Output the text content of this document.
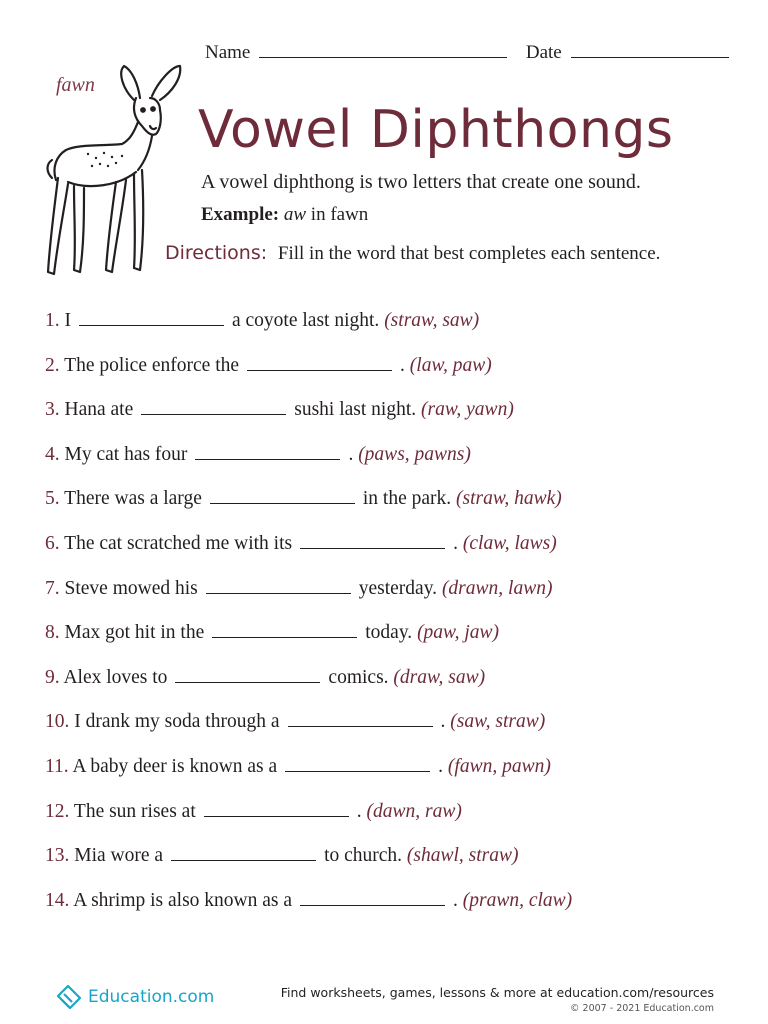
Name	Date
fawn
Vowel Diphthongs
A vowel diphthong is two letters that create one sound.
Example: aw in fawn
Directions: Fill in the word that best completes each sentence.
1. I	a coyote last night. (straw, saw)
2. The police enforce the	. (law, paw)
3. Hana ate	sushi last night. (raw, yawn)
4. My cat has four	. (paws, pawns)
5. There was a large	in the park. (straw, hawk)
6. The cat scratched me with its	. (claw, laws)
7. Steve mowed his	yesterday. (drawn, lawn)
8. Max got hit in the	today. (paw, jaw)
9. Alex loves to	comics. (draw, saw)
10. I drank my soda through a	. (saw, straw)
11. A baby deer is known as a	. (fawn, pawn)
12. The sun rises at	. (dawn, raw)
13. Mia wore a	to church. (shawl, straw)
14. A shrimp is also known as a	. (prawn, claw)
Education.com	Find worksheets, games, lessons & more at education.com/resources
© 2007 - 2021 Education.com
